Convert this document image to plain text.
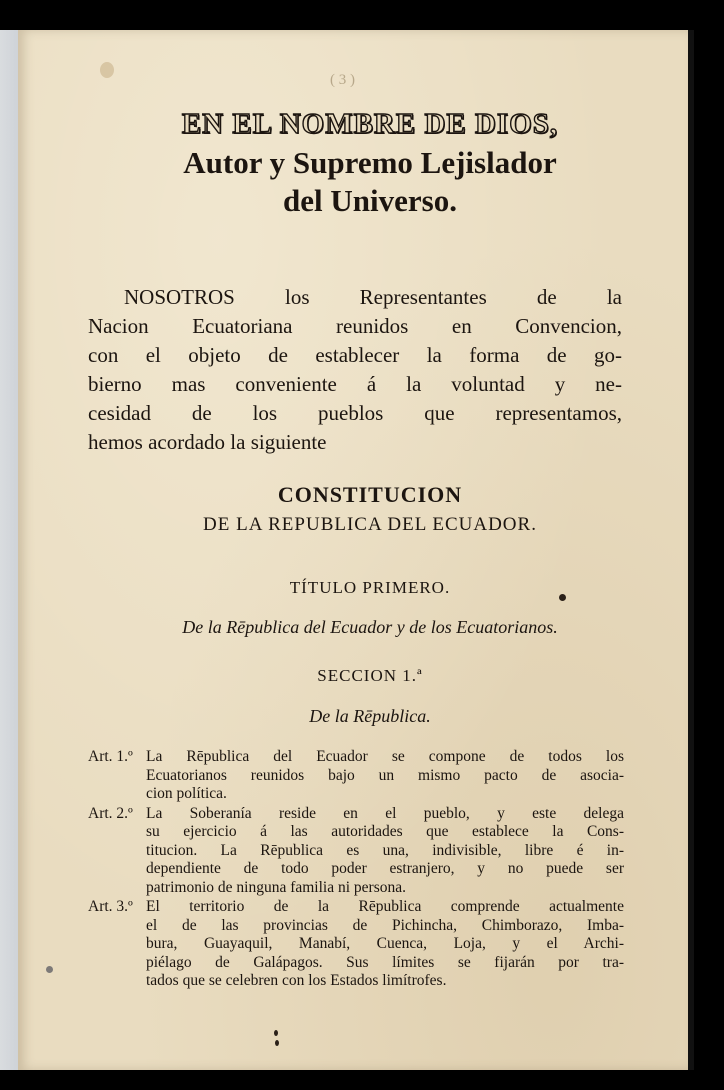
( 3 )
EN EL NOMBRE DE DIOS,
Autor y Supremo Lejislador
del Universo.
NOSOTROS los Representantes de la
Nacion Ecuatoriana reunidos en Convencion,
con el objeto de establecer la forma de go-
bierno mas conveniente á la voluntad y ne-
cesidad de los pueblos que representamos,
hemos acordado la siguiente
CONSTITUCION
DE LA REPUBLICA DEL ECUADOR.
TÍTULO PRIMERO.
De la Rēpublica del Ecuador y de los Ecuatorianos.
SECCION 1.ª
De la Rēpublica.
Art. 1.º La Rēpublica del Ecuador se compone de todos los
Ecuatorianos reunidos bajo un mismo pacto de asocia-
cion política.
Art. 2.º La Soberanía reside en el pueblo, y este delega
su ejercicio á las autoridades que establece la Cons-
titucion. La Rēpublica es una, indivisible, libre é in-
dependiente de todo poder estranjero, y no puede ser
patrimonio de ninguna familia ni persona.
Art. 3.º El territorio de la Rēpublica comprende actualmente
el de las provincias de Pichincha, Chimborazo, Imba-
bura, Guayaquil, Manabí, Cuenca, Loja, y el Archi-
piélago de Galápagos. Sus límites se fijarán por tra-
tados que se celebren con los Estados limítrofes.
